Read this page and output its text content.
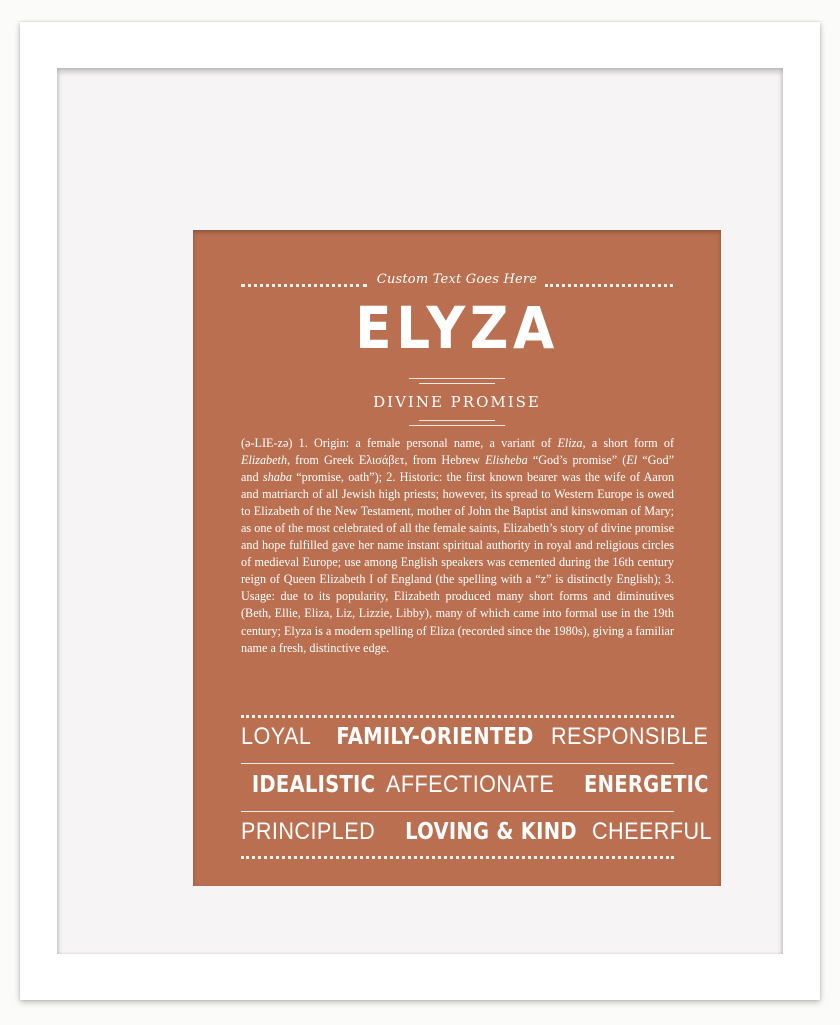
Custom Text Goes Here
ELYZA
DIVINE PROMISE
(ə-LIE-zə) 1. Origin: a female personal name, a variant of Eliza, a short form of Elizabeth, from Greek Ελισάβετ, from Hebrew Elisheba “God’s promise” (El “God” and shaba “promise, oath”); 2. Historic: the first known bearer was the wife of Aaron and matriarch of all Jewish high priests; however, its spread to Western Europe is owed to Elizabeth of the New Testament, mother of John the Baptist and kinswoman of Mary; as one of the most celebrated of all the female saints, Elizabeth’s story of divine promise and hope fulfilled gave her name instant spiritual authority in royal and religious circles of medieval Europe; use among English speakers was cemented during the 16th century reign of Queen Elizabeth I of England (the spelling with a “z” is distinctly English); 3. Usage: due to its popularity, Elizabeth produced many short forms and diminutives (Beth, Ellie, Eliza, Liz, Lizzie, Libby), many of which came into formal use in the 19th century; Elyza is a modern spelling of Eliza (recorded since the 1980s), giving a familiar name a fresh, distinctive edge.
LOYAL FAMILY-ORIENTED RESPONSIBLE
IDEALISTIC AFFECTIONATE ENERGETIC
PRINCIPLED LOVING & KIND CHEERFUL
